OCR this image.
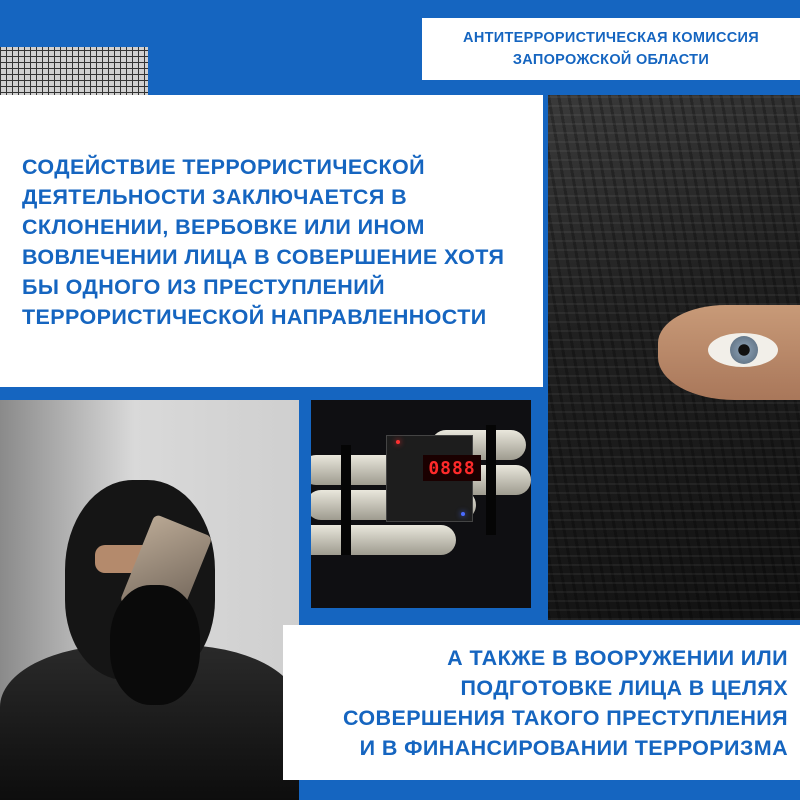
АНТИТЕРРОРИСТИЧЕСКАЯ КОМИССИЯ
ЗАПОРОЖСКОЙ ОБЛАСТИ
СОДЕЙСТВИЕ ТЕРРОРИСТИЧЕСКОЙ
ДЕЯТЕЛЬНОСТИ ЗАКЛЮЧАЕТСЯ В
СКЛОНЕНИИ, ВЕРБОВКЕ ИЛИ ИНОМ
ВОВЛЕЧЕНИИ ЛИЦА В СОВЕРШЕНИЕ ХОТЯ
БЫ ОДНОГО ИЗ ПРЕСТУПЛЕНИЙ
ТЕРРОРИСТИЧЕСКОЙ НАПРАВЛЕННОСТИ
0888
А ТАКЖЕ В ВООРУЖЕНИИ ИЛИ
ПОДГОТОВКЕ ЛИЦА В ЦЕЛЯХ
СОВЕРШЕНИЯ ТАКОГО ПРЕСТУПЛЕНИЯ
И В ФИНАНСИРОВАНИИ ТЕРРОРИЗМА
